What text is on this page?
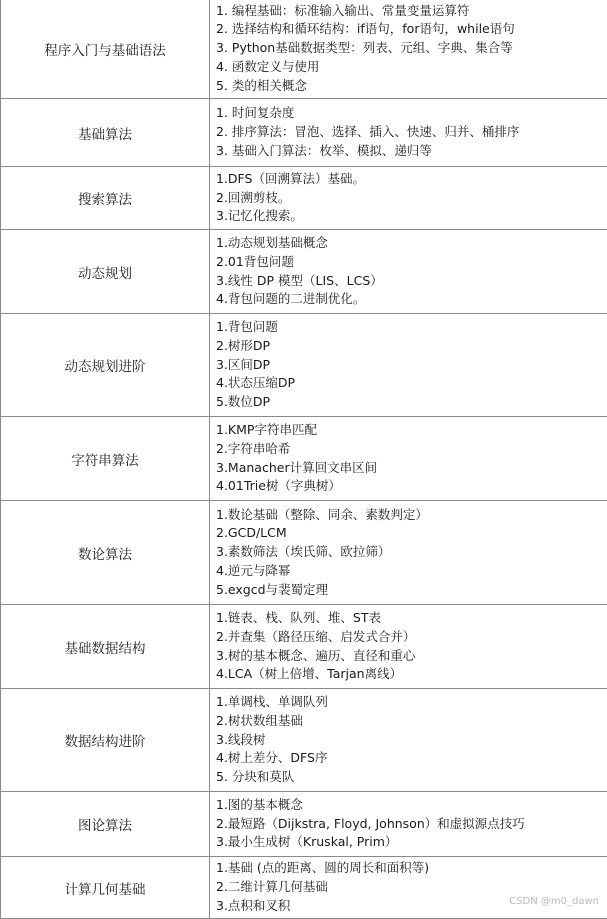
程序入门与基础语法	1. 编程基础：标准输入输出、常量变量运算符
2. 选择结构和循环结构：if语句，for语句，while语句
3. Python基础数据类型：列表、元组、字典、集合等
4. 函数定义与使用
5. 类的相关概念

基础算法	1. 时间复杂度
2. 排序算法：冒泡、选择、插入、快速、归并、桶排序
3. 基础入门算法：枚举、模拟、递归等

搜索算法	1.DFS（回溯算法）基础。
2.回溯剪枝。
3.记忆化搜索。

动态规划	1.动态规划基础概念
2.01背包问题
3.线性 DP 模型（LIS、LCS）
4.背包问题的二进制优化。

动态规划进阶	1.背包问题
2.树形DP
3.区间DP
4.状态压缩DP
5.数位DP

字符串算法	1.KMP字符串匹配
2.字符串哈希
3.Manacher计算回文串区间
4.01Trie树（字典树）

数论算法	1.数论基础（整除、同余、素数判定）
2.GCD/LCM
3.素数筛法（埃氏筛、欧拉筛）
4.逆元与降幂
5.exgcd与裴蜀定理

基础数据结构	1.链表、栈、队列、堆、ST表
2.并查集（路径压缩、启发式合并）
3.树的基本概念、遍历、直径和重心
4.LCA（树上倍增、Tarjan离线）

数据结构进阶	1.单调栈、单调队列
2.树状数组基础
3.线段树
4.树上差分、DFS序
5. 分块和莫队

图论算法	1.图的基本概念
2.最短路（Dijkstra, Floyd, Johnson）和虚拟源点技巧
3.最小生成树（Kruskal, Prim）

计算几何基础	1.基础 (点的距离、圆的周长和面积等)
2.二维计算几何基础
3.点积和叉积	CSDN @m0_dawn
